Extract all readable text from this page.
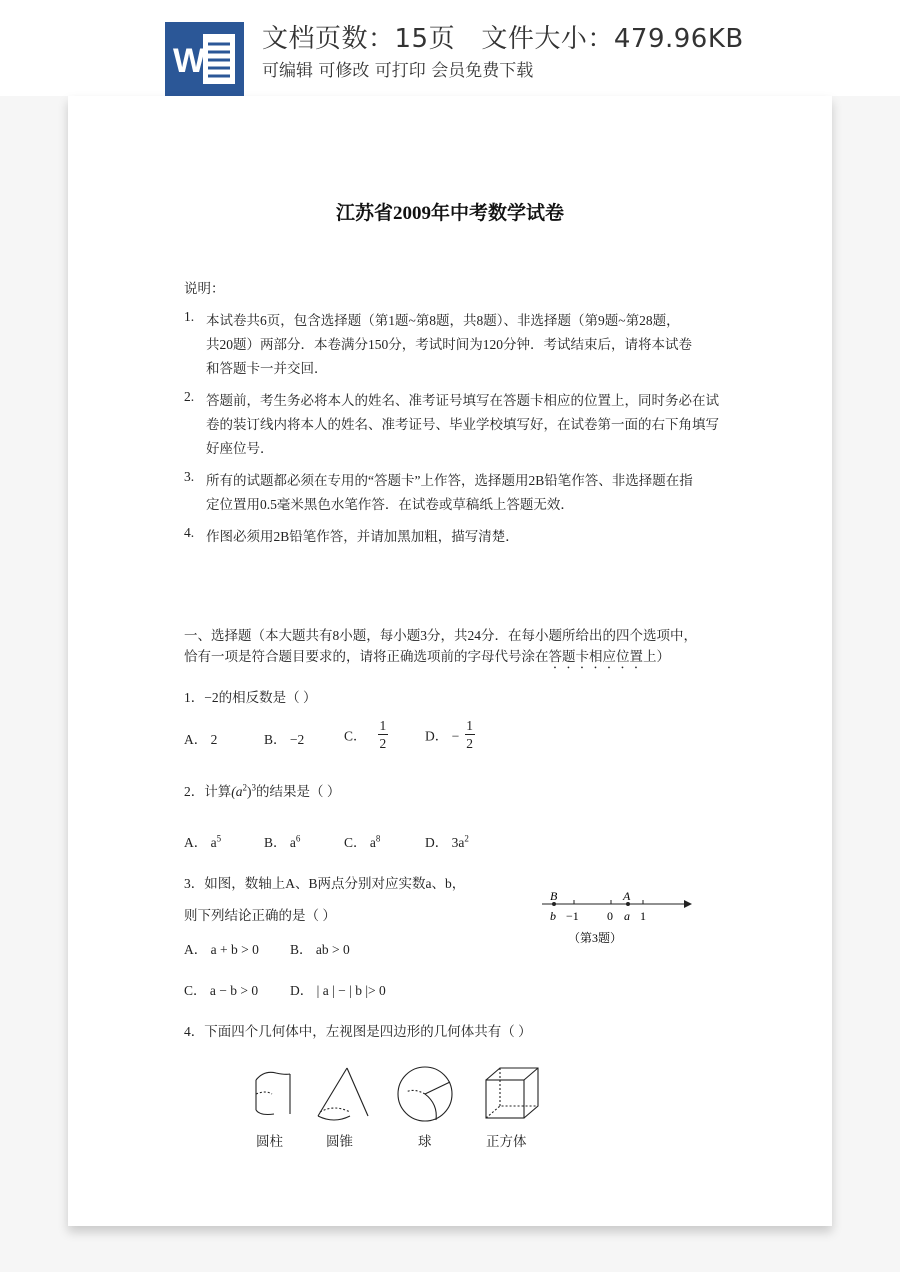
W
文档页数：15页   文件大小：479.96KB
可编辑 可修改 可打印 会员免费下载
江苏省2009年中考数学试卷
说明：
1. 本试卷共6页，包含选择题（第1题~第8题，共8题）、非选择题（第9题~第28题，
共20题）两部分．本卷满分150分，考试时间为120分钟．考试结束后，请将本试卷
和答题卡一并交回．
2. 答题前，考生务必将本人的姓名、准考证号填写在答题卡相应的位置上，同时务必在试
卷的装订线内将本人的姓名、准考证号、毕业学校填写好，在试卷第一面的右下角填写
好座位号．
3. 所有的试题都必须在专用的“答题卡”上作答，选择题用2B铅笔作答、非选择题在指
定位置用0.5毫米黑色水笔作答．在试卷或草稿纸上答题无效．
4. 作图必须用2B铅笔作答，并请加黑加粗，描写清楚．
一、选择题（本大题共有8小题，每小题3分，共24分．在每小题所给出的四个选项中，
恰有一项是符合题目要求的，请将正确选项前的字母代号涂在答题卡相应位置上）
1．−2的相反数是（ ）
A． 2	B． −2	C． $\frac{1}{2}$	D． − $\frac{1}{2}$
2．计算$(a^2)^3$的结果是（ ）
A． $a^5$	B． $a^6$	C． $a^8$	D． $3a^2$
3．如图，数轴上A、B两点分别对应实数a、b，
则下列结论正确的是（ ）
A． a + b > 0 B． ab > 0
C． a − b > 0 D． | a | − | b |> 0
B	A
b −1 0 a 1
（第3题）
4．下面四个几何体中，左视图是四边形的几何体共有（ ）
圆柱	圆锥	球	正方体
